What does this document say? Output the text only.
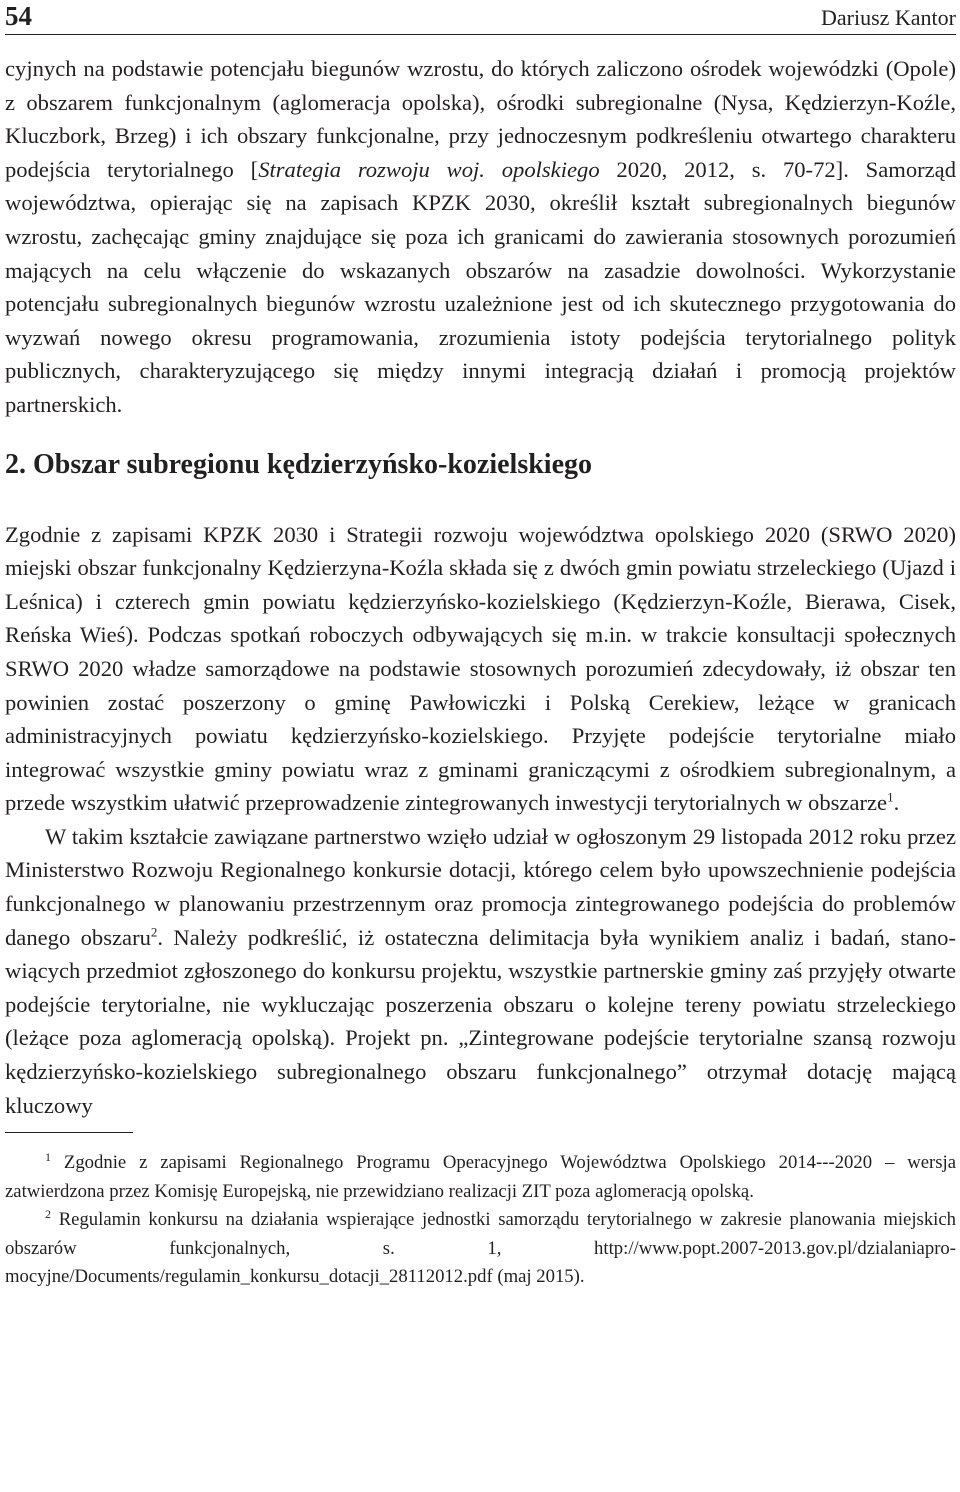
54	Dariusz Kantor

cyjnych na podstawie potencjału biegunów wzrostu, do których zaliczono ośrodek wojewódzki (Opole) z obszarem funkcjonalnym (aglomeracja opolska), ośrodki subregionalne (Nysa, Kędzierzyn-Koźle, Kluczbork, Brzeg) i ich obszary funkcjonalne, przy jednoczesnym podkreśleniu otwartego charakteru podejścia terytorialnego [Strategia rozwoju woj. opolskiego 2020, 2012, s. 70-72]. Samorząd województwa, opierając się na zapisach KPZK 2030, określił kształt subregionalnych biegunów wzrostu, zachęcając gminy znajdujące się poza ich granicami do zawierania stosownych porozumień mających na celu włączenie do wskazanych obszarów na zasadzie dowolności. Wykorzystanie potencjału subregionalnych biegunów wzrostu uzależnione jest od ich skutecznego przygotowania do wyzwań nowego okresu programowania, zrozumienia istoty podejścia terytorialnego polityk publicznych, charakteryzującego się między innymi integracją działań i promocją projektów partnerskich.

2. Obszar subregionu kędzierzyńsko-kozielskiego

Zgodnie z zapisami KPZK 2030 i Strategii rozwoju województwa opolskiego 2020 (SRWO 2020) miejski obszar funkcjonalny Kędzierzyna-Koźla składa się z dwóch gmin powiatu strzeleckiego (Ujazd i Leśnica) i czterech gmin powiatu kędzierzyńsko-kozielskiego (Kędzierzyn-Koźle, Bierawa, Cisek, Reńska Wieś). Podczas spotkań roboczych odbywających się m.in. w trakcie konsultacji społecznych SRWO 2020 władze samorządowe na podstawie stosownych porozumień zdecydowały, iż obszar ten powinien zostać poszerzony o gminę Pawłowiczki i Polską Cerekiew, leżące w granicach administracyjnych powiatu kędzierzyńsko-kozielskiego. Przyjęte podejście terytorialne miało integrować wszystkie gminy powiatu wraz z gminami graniczącymi z ośrodkiem subregionalnym, a przede wszystkim ułatwić przeprowadzenie zintegrowanych inwestycji terytorialnych w obszarze$^1$.

W takim kształcie zawiązane partnerstwo wzięło udział w ogłoszonym 29 listopada 2012 roku przez Ministerstwo Rozwoju Regionalnego konkursie dotacji, którego celem było upowszechnienie podejścia funkcjonalnego w planowaniu przestrzennym oraz promocja zintegrowanego podejścia do problemów danego obszaru$^2$. Należy podkreślić, iż ostateczna delimitacja była wynikiem analiz i badań, stanowiących przedmiot zgłoszonego do konkursu projektu, wszystkie partnerskie gminy zaś przyjęły otwarte podejście terytorialne, nie wykluczając poszerzenia obszaru o kolejne tereny powiatu strzeleckiego (leżące poza aglomeracją opolską). Projekt pn. „Zintegrowane podejście terytorialne szansą rozwoju kędzierzyńsko-kozielskiego subregionalnego obszaru funkcjonalnego” otrzymał dotację mającą kluczowy

$^1$ Zgodnie z zapisami Regionalnego Programu Operacyjnego Województwa Opolskiego 2014-‑-2020 – wersja zatwierdzona przez Komisję Europejską, nie przewidziano realizacji ZIT poza aglomeracją opolską.

$^2$ Regulamin konkursu na działania wspierające jednostki samorządu terytorialnego w zakresie planowania miejskich obszarów funkcjonalnych, s. 1, http://www.popt.2007-2013.gov.pl/dzialaniapromocyjne/Documents/regulamin_konkursu_dotacji_28112012.pdf (maj 2015).
